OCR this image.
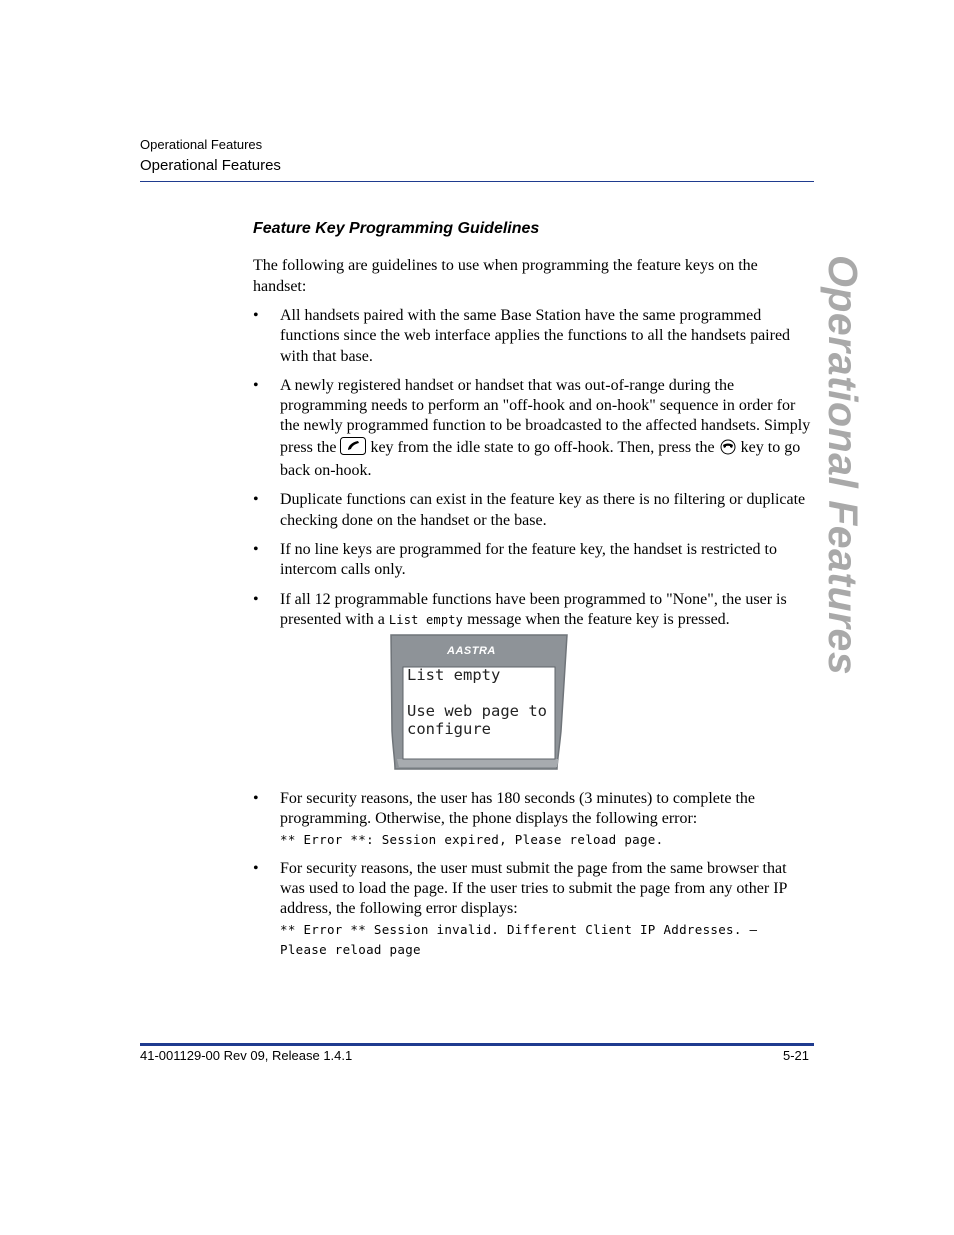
Operational Features
Operational Features
Operational Features
Feature Key Programming Guidelines
The following are guidelines to use when programming the feature keys on the handset:
• All handsets paired with the same Base Station have the same programmed functions since the web interface applies the functions to all the handsets paired with that base.
• A newly registered handset or handset that was out-of-range during the programming needs to perform an "off-hook and on-hook" sequence in order for the newly programmed function to be broadcasted to the affected handsets. Simply press the  key from the idle state to go off-hook. Then, press the  key to go back on-hook.
• Duplicate functions can exist in the feature key as there is no filtering or duplicate checking done on the handset or the base.
• If no line keys are programmed for the feature key, the handset is restricted to intercom calls only.
• If all 12 programmable functions have been programmed to "None", the user is presented with a List empty message when the feature key is pressed.
AASTRA
List empty
Use web page to
configure
• For security reasons, the user has 180 seconds (3 minutes) to complete the programming. Otherwise, the phone displays the following error:
** Error **: Session expired, Please reload page.
• For security reasons, the user must submit the page from the same browser that was used to load the page. If the user tries to submit the page from any other IP address, the following error displays:
** Error ** Session invalid. Different Client IP Addresses. —
Please reload page
41-001129-00 Rev 09, Release 1.4.1	5-21
